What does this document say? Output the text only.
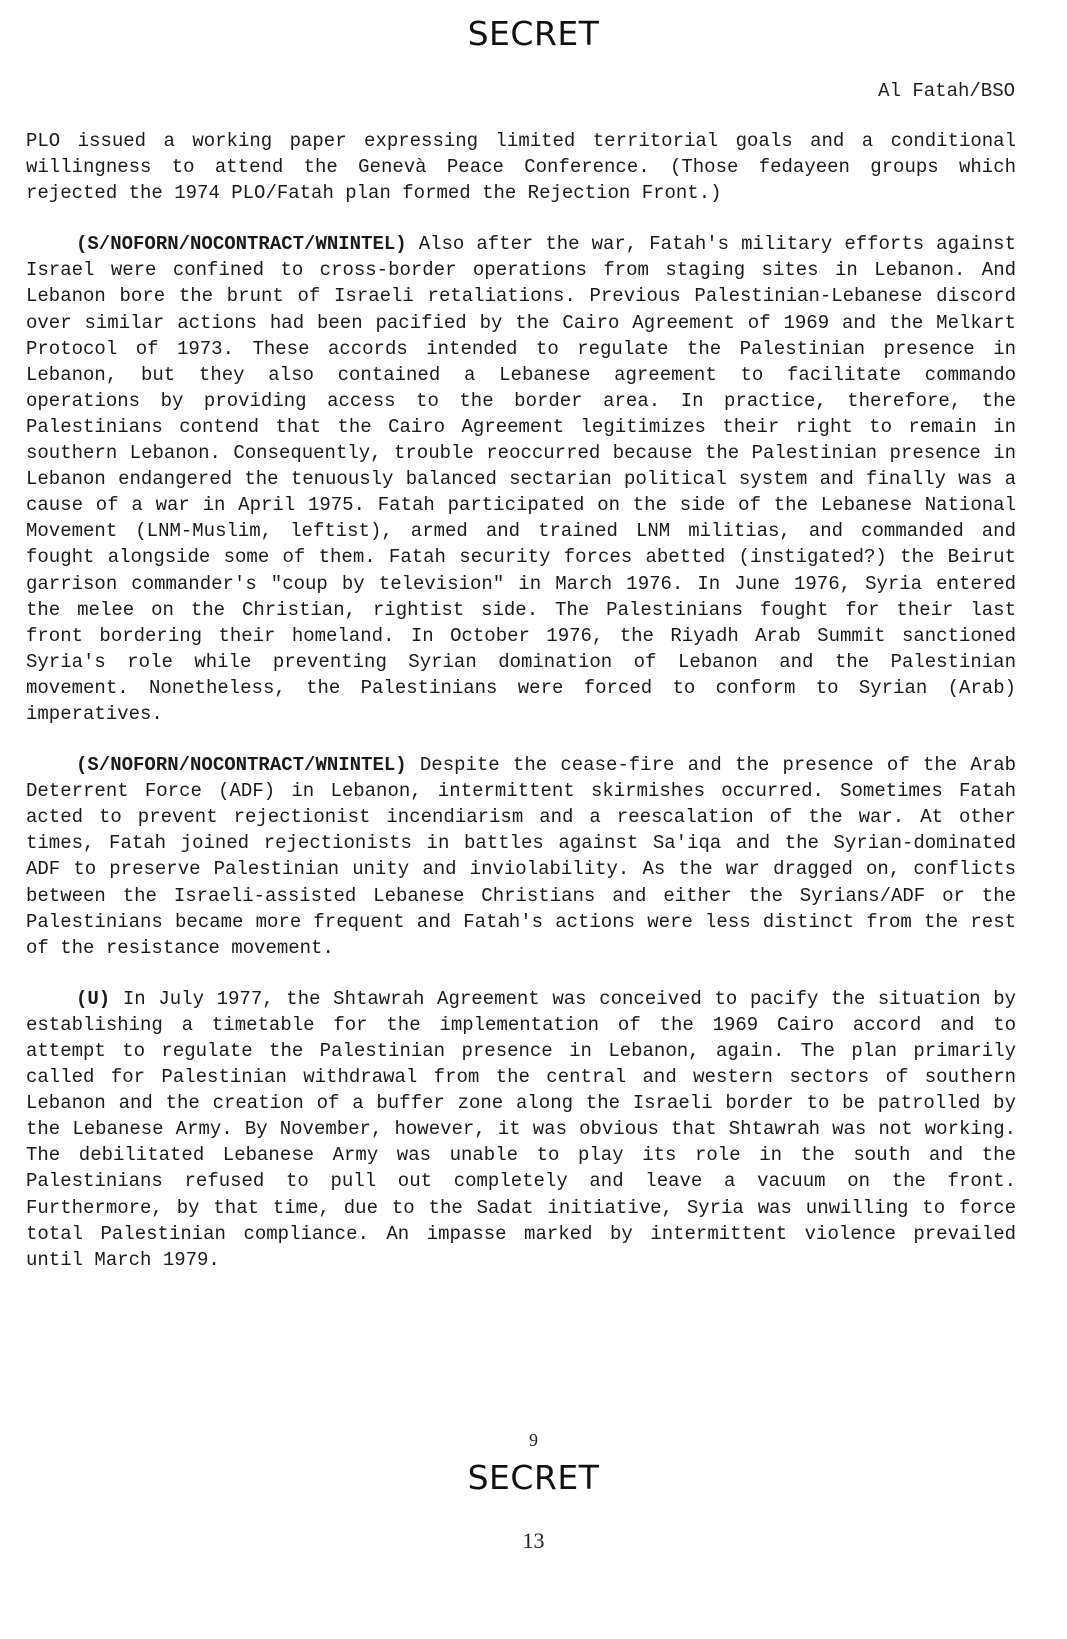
SECRET
Al Fatah/BSO

PLO issued a working paper expressing limited territorial goals and a conditional willingness to attend the Genevà Peace Conference. (Those fedayeen groups which rejected the 1974 PLO/Fatah plan formed the Rejection Front.)

(S/NOFORN/NOCONTRACT/WNINTEL) Also after the war, Fatah's military efforts against Israel were confined to cross-border operations from staging sites in Lebanon. And Lebanon bore the brunt of Israeli retaliations. Previous Palestinian-Lebanese discord over similar actions had been pacified by the Cairo Agreement of 1969 and the Melkart Protocol of 1973. These accords intended to regulate the Palestinian presence in Lebanon, but they also contained a Lebanese agreement to facilitate commando operations by providing access to the border area. In practice, therefore, the Palestinians contend that the Cairo Agreement legitimizes their right to remain in southern Lebanon. Consequently, trouble reoccurred because the Palestinian presence in Lebanon endangered the tenuously balanced sectarian political system and finally was a cause of a war in April 1975. Fatah participated on the side of the Lebanese National Movement (LNM-Muslim, leftist), armed and trained LNM militias, and commanded and fought alongside some of them. Fatah security forces abetted (instigated?) the Beirut garrison commander's "coup by television" in March 1976. In June 1976, Syria entered the melee on the Christian, rightist side. The Palestinians fought for their last front bordering their homeland. In October 1976, the Riyadh Arab Summit sanctioned Syria's role while preventing Syrian domination of Lebanon and the Palestinian movement. Nonetheless, the Palestinians were forced to conform to Syrian (Arab) imperatives.

(S/NOFORN/NOCONTRACT/WNINTEL) Despite the cease-fire and the presence of the Arab Deterrent Force (ADF) in Lebanon, intermittent skirmishes occurred. Sometimes Fatah acted to prevent rejectionist incendiarism and a reescalation of the war. At other times, Fatah joined rejectionists in battles against Sa'iqa and the Syrian-dominated ADF to preserve Palestinian unity and inviolability. As the war dragged on, conflicts between the Israeli-assisted Lebanese Christians and either the Syrians/ADF or the Palestinians became more frequent and Fatah's actions were less distinct from the rest of the resistance movement.

(U) In July 1977, the Shtawrah Agreement was conceived to pacify the situation by establishing a timetable for the implementation of the 1969 Cairo accord and to attempt to regulate the Palestinian presence in Lebanon, again. The plan primarily called for Palestinian withdrawal from the central and western sectors of southern Lebanon and the creation of a buffer zone along the Israeli border to be patrolled by the Lebanese Army. By November, however, it was obvious that Shtawrah was not working. The debilitated Lebanese Army was unable to play its role in the south and the Palestinians refused to pull out completely and leave a vacuum on the front. Furthermore, by that time, due to the Sadat initiative, Syria was unwilling to force total Palestinian compliance. An impasse marked by intermittent violence prevailed until March 1979.

9
SECRET
13
